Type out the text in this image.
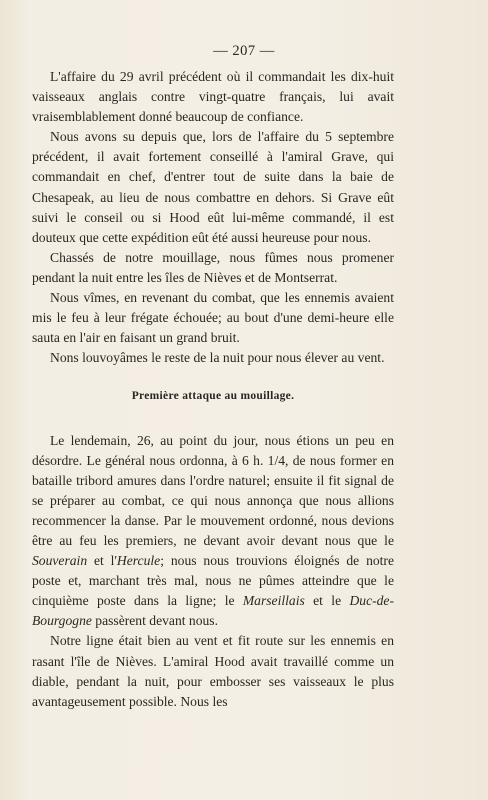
— 207 —

L'affaire du 29 avril précédent où il commandait les dix-huit vaisseaux anglais contre vingt-quatre français, lui avait vraisemblablement donné beaucoup de confiance.

Nous avons su depuis que, lors de l'affaire du 5 septembre précédent, il avait fortement conseillé à l'amiral Grave, qui commandait en chef, d'entrer tout de suite dans la baie de Chesapeak, au lieu de nous combattre en dehors. Si Grave eût suivi le conseil ou si Hood eût lui-même commandé, il est douteux que cette expédition eût été aussi heureuse pour nous.

Chassés de notre mouillage, nous fûmes nous promener pendant la nuit entre les îles de Nièves et de Montserrat.

Nous vîmes, en revenant du combat, que les ennemis avaient mis le feu à leur frégate échouée; au bout d'une demi-heure elle sauta en l'air en faisant un grand bruit.

Nons louvoyâmes le reste de la nuit pour nous élever au vent.

Première attaque au mouillage.

Le lendemain, 26, au point du jour, nous étions un peu en désordre. Le général nous ordonna, à 6 h. 1/4, de nous former en bataille tribord amures dans l'ordre naturel; ensuite il fit signal de se préparer au combat, ce qui nous annonça que nous allions recommencer la danse. Par le mouvement ordonné, nous devions être au feu les premiers, ne devant avoir devant nous que le Souverain et l'Hercule; nous nous trouvions éloignés de notre poste et, marchant très mal, nous ne pûmes atteindre que le cinquième poste dans la ligne; le Marseillais et le Duc-de-Bourgogne passèrent devant nous.

Notre ligne était bien au vent et fit route sur les ennemis en rasant l'île de Nièves. L'amiral Hood avait travaillé comme un diable, pendant la nuit, pour embosser ses vaisseaux le plus avantageusement possible. Nous les
